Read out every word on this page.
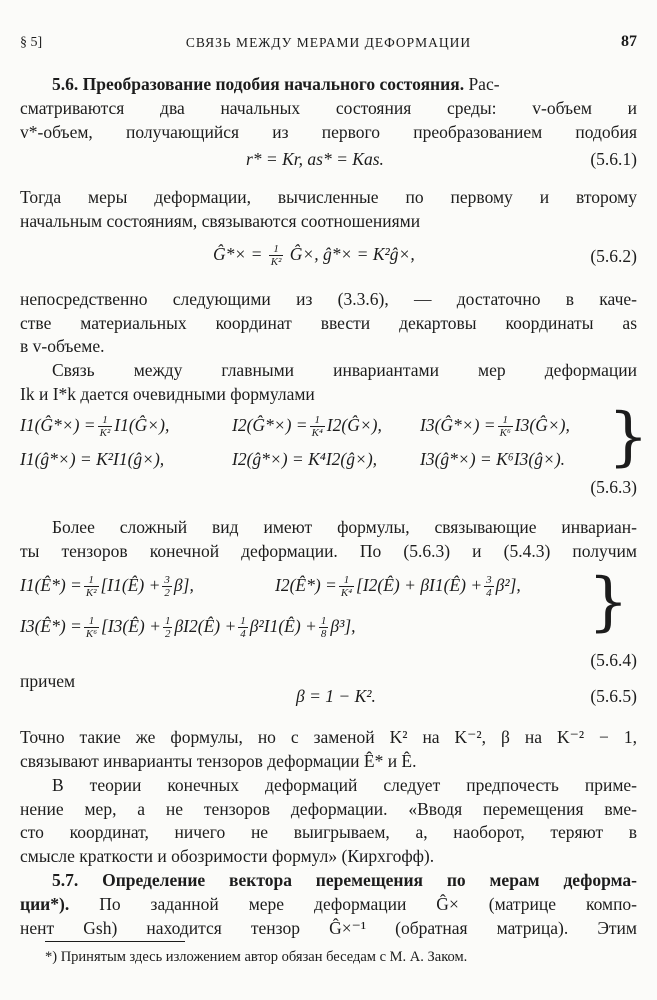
§ 5]	СВЯЗЬ МЕЖДУ МЕРАМИ ДЕФОРМАЦИИ	87
5.6. Преобразование подобия начального состояния. Рас-
сматриваются два начальных состояния среды: v-объем и
v*-объем, получающийся из первого преобразованием подобия
r* = Kr, as* = Kas.	(5.6.1)
Тогда меры деформации, вычисленные по первому и второму
начальным состояниям, связываются соотношениями
Ĝ*× = $\frac{1}{\text{K²}}$ Ĝ×, ĝ*× = K²ĝ×,	(5.6.2)
непосредственно следующими из (3.3.6), — достаточно в каче-
стве материальных координат ввести декартовы координаты as
в v-объеме.
Связь между главными инвариантами мер деформации
Ik и I*k дается очевидными формулами
I1(Ĝ*×) = $\frac{1}{\text{K²}}$ I1(Ĝ×),	I2(Ĝ*×) = $\frac{1}{\text{K⁴}}$ I2(Ĝ×), I3(Ĝ*×) = $\frac{1}{\text{K⁶}}$ I3(Ĝ×),
I1(ĝ*×) = K²I1(ĝ×),	I2(ĝ*×) = K⁴I2(ĝ×), I3(ĝ*×) = K⁶I3(ĝ×). }
(5.6.3)
Более сложный вид имеют формулы, связывающие инвариан-
ты тензоров конечной деформации. По (5.6.3) и (5.4.3) получим
I1(Ê*) = $\frac{1}{\text{K²}}$ [I1(Ê) + $\frac{3}{2} \beta$],	I2(Ê*) = $\frac{1}{\text{K⁴}}$ [I2(Ê) + βI1(Ê) + $\frac{3}{4} \beta^2$],
I3(Ê*) = $\frac{1}{\text{K⁶}}$ [I3(Ê) + $\frac{1}{2}$ βI2(Ê) + $\frac{1}{4}$ β²I1(Ê) + $\frac{1}{8} \beta^3$],	}
(5.6.4)
причем
β = 1 − K².	(5.6.5)
Точно такие же формулы, но с заменой K² на K⁻², β на K⁻² − 1,
связывают инварианты тензоров деформации Ê* и Ê.
В теории конечных деформаций следует предпочесть приме-
нение мер, а не тензоров деформации. «Вводя перемещения вме-
сто координат, ничего не выигрываем, а, наоборот, теряют в
смысле краткости и обозримости формул» (Кирхгофф).
5.7. Определение вектора перемещения по мерам деформа-
ции*). По заданной мере деформации Ĝ× (матрице компо-
нент Gsh) находится тензор Ĝ×⁻¹ (обратная матрица). Этим
*) Принятым здесь изложением автор обязан беседам с М. А. Заком.
